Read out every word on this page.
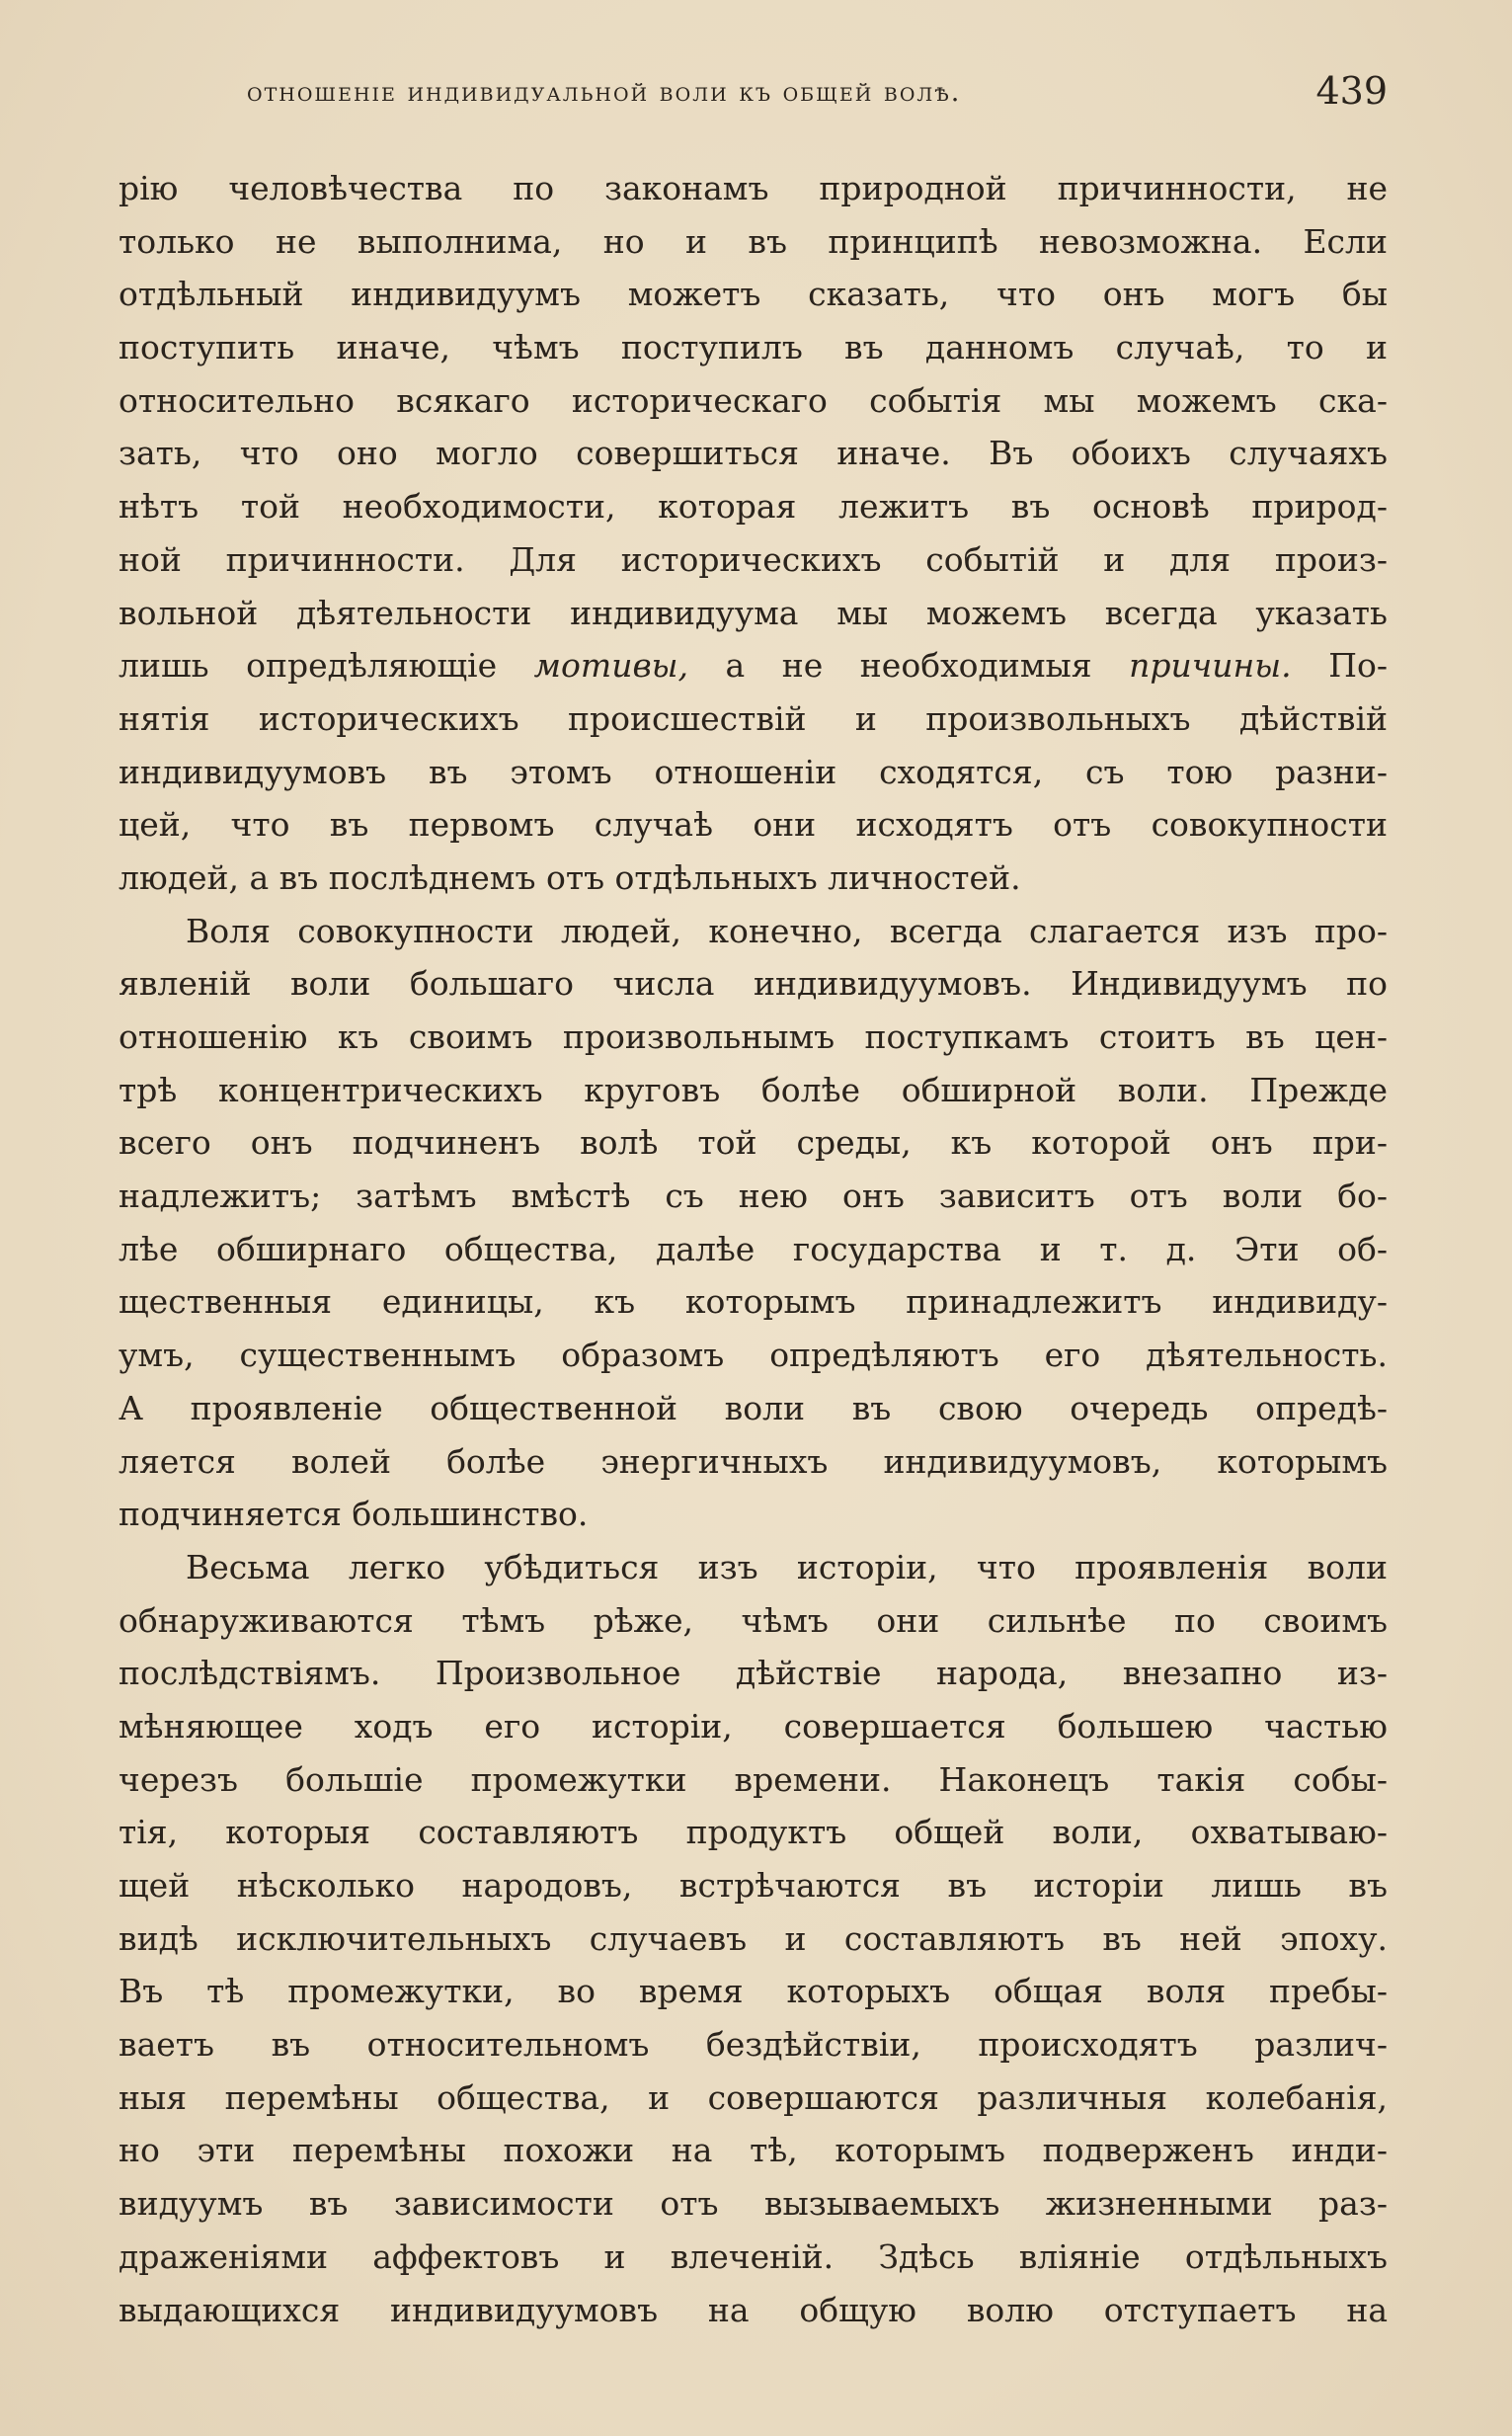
отношеніе индивидуальной воли къ общей волѣ.	439
рію человѣчества по законамъ природной причинности, не
только не выполнима, но и въ принципѣ невозможна. Если
отдѣльный индивидуумъ можетъ сказать, что онъ могъ бы
поступить иначе, чѣмъ поступилъ въ данномъ случаѣ, то и
относительно всякаго историческаго событія мы можемъ ска-
зать, что оно могло совершиться иначе. Въ обоихъ случаяхъ
нѣтъ той необходимости, которая лежитъ въ основѣ природ-
ной причинности. Для историческихъ событій и для произ-
вольной дѣятельности индивидуума мы можемъ всегда указать
лишь опредѣляющіе мотивы, а не необходимыя причины. По-
нятія историческихъ происшествій и произвольныхъ дѣйствій
индивидуумовъ въ этомъ отношеніи сходятся, съ тою разни-
цей, что въ первомъ случаѣ они исходятъ отъ совокупности
людей, а въ послѣднемъ отъ отдѣльныхъ личностей.
Воля совокупности людей, конечно, всегда слагается изъ про-
явленій воли большаго числа индивидуумовъ. Индивидуумъ по
отношенію къ своимъ произвольнымъ поступкамъ стоитъ въ цен-
трѣ концентрическихъ круговъ болѣе обширной воли. Прежде
всего онъ подчиненъ волѣ той среды, къ которой онъ при-
надлежитъ; затѣмъ вмѣстѣ съ нею онъ зависитъ отъ воли бо-
лѣе обширнаго общества, далѣе государства и т. д. Эти об-
щественныя единицы, къ которымъ принадлежитъ индивиду-
умъ, существеннымъ образомъ опредѣляютъ его дѣятельность.
А проявленіе общественной воли въ свою очередь опредѣ-
ляется волей болѣе энергичныхъ индивидуумовъ, которымъ
подчиняется большинство.
Весьма легко убѣдиться изъ исторіи, что проявленія воли
обнаруживаются тѣмъ рѣже, чѣмъ они сильнѣе по своимъ
послѣдствіямъ. Произвольное дѣйствіе народа, внезапно из-
мѣняющее ходъ его исторіи, совершается большею частью
черезъ большіе промежутки времени. Наконецъ такія собы-
тія, которыя составляютъ продуктъ общей воли, охватываю-
щей нѣсколько народовъ, встрѣчаются въ исторіи лишь въ
видѣ исключительныхъ случаевъ и составляютъ въ ней эпоху.
Въ тѣ промежутки, во время которыхъ общая воля пребы-
ваетъ въ относительномъ бездѣйствіи, происходятъ различ-
ныя перемѣны общества, и совершаются различныя колебанія,
но эти перемѣны похожи на тѣ, которымъ подверженъ инди-
видуумъ въ зависимости отъ вызываемыхъ жизненными раз-
драженіями аффектовъ и влеченій. Здѣсь вліяніе отдѣльныхъ
выдающихся индивидуумовъ на общую волю отступаетъ на
